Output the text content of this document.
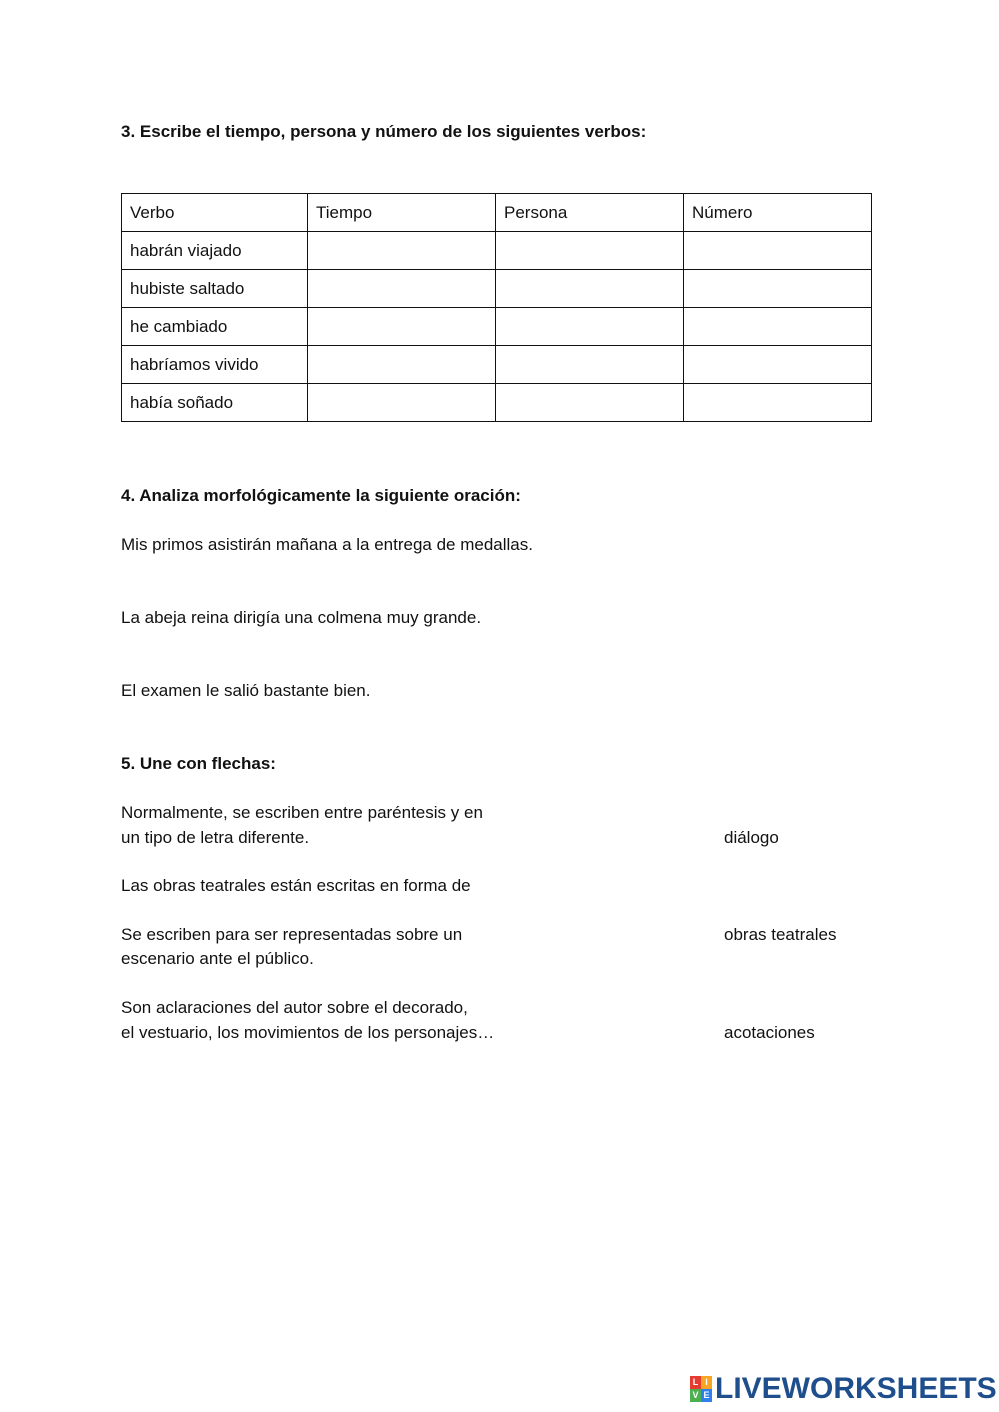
3. Escribe el tiempo, persona y número de los siguientes verbos:
Verbo	Tiempo	Persona	Número
habrán viajado			
hubiste saltado			
he cambiado			
habríamos vivido			
había soñado			
4. Analiza morfológicamente la siguiente oración:
Mis primos asistirán mañana a la entrega de medallas.
La abeja reina dirigía una colmena muy grande.
El examen le salió bastante bien.
5. Une con flechas:
Normalmente, se escriben entre paréntesis y en
un tipo de letra diferente.
Las obras teatrales están escritas en forma de
Se escriben para ser representadas sobre un
escenario ante el público.
Son aclaraciones del autor sobre el decorado,
el vestuario, los movimientos de los personajes…
diálogo
obras teatrales
acotaciones
L I
V E LIVEWORKSHEETS
